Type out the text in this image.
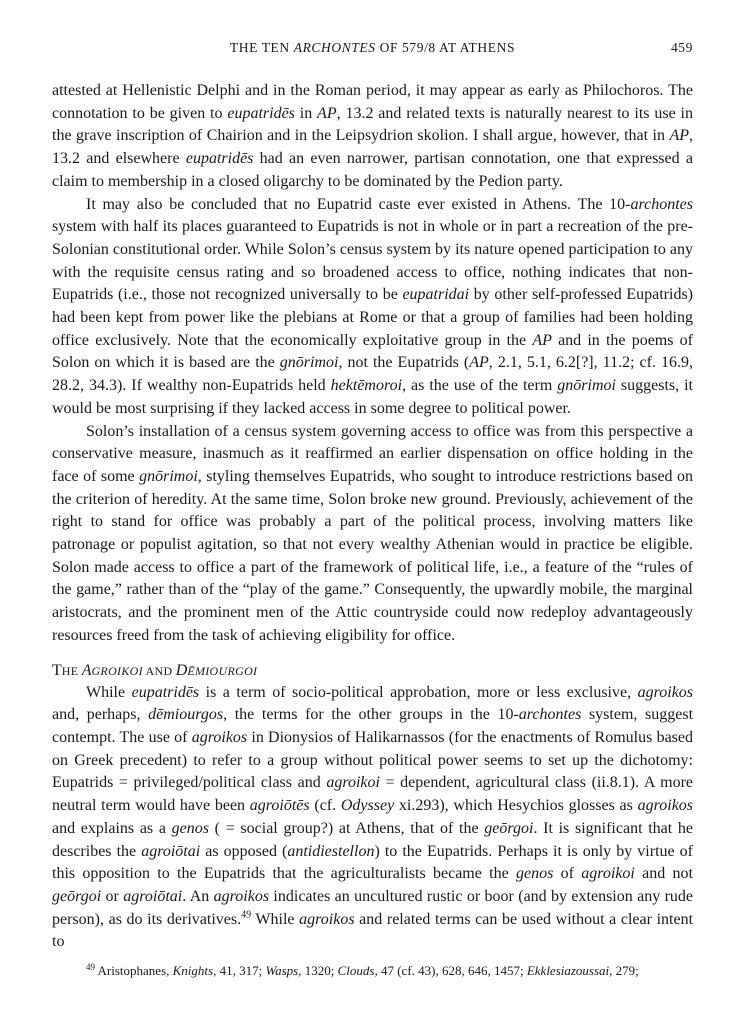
THE TEN ARCHONTES OF 579/8 AT ATHENS	459

attested at Hellenistic Delphi and in the Roman period, it may appear as early as Philochoros. The connotation to be given to eupatridēs in AP, 13.2 and related texts is naturally nearest to its use in the grave inscription of Chairion and in the Leipsydrion skolion. I shall argue, however, that in AP, 13.2 and elsewhere eupatridēs had an even narrower, partisan connotation, one that expressed a claim to membership in a closed oligarchy to be dominated by the Pedion party.

It may also be concluded that no Eupatrid caste ever existed in Athens. The 10-archontes system with half its places guaranteed to Eupatrids is not in whole or in part a recreation of the pre-Solonian constitutional order. While Solon’s census system by its nature opened participation to any with the requisite census rating and so broadened access to office, nothing indicates that non-Eupatrids (i.e., those not recognized universally to be eupatridai by other self-professed Eupatrids) had been kept from power like the plebians at Rome or that a group of families had been holding office exclusively. Note that the economically exploitative group in the AP and in the poems of Solon on which it is based are the gnōrimoi, not the Eupatrids (AP, 2.1, 5.1, 6.2[?], 11.2; cf. 16.9, 28.2, 34.3). If wealthy non-Eupatrids held hektēmoroi, as the use of the term gnōrimoi suggests, it would be most surprising if they lacked access in some degree to political power.

Solon’s installation of a census system governing access to office was from this perspective a conservative measure, inasmuch as it reaffirmed an earlier dispensation on office holding in the face of some gnōrimoi, styling themselves Eupatrids, who sought to introduce restrictions based on the criterion of heredity. At the same time, Solon broke new ground. Previously, achievement of the right to stand for office was probably a part of the political process, involving matters like patronage or populist agitation, so that not every wealthy Athenian would in practice be eligible. Solon made access to office a part of the framework of political life, i.e., a feature of the “rules of the game,” rather than of the “play of the game.” Consequently, the upwardly mobile, the marginal aristocrats, and the prominent men of the Attic countryside could now redeploy advantageously resources freed from the task of achieving eligibility for office.

THE AGROIKOI AND DĒMIOURGOI

While eupatridēs is a term of socio-political approbation, more or less exclusive, agroikos and, perhaps, dēmiourgos, the terms for the other groups in the 10-archontes system, suggest contempt. The use of agroikos in Dionysios of Halikarnassos (for the enactments of Romulus based on Greek precedent) to refer to a group without political power seems to set up the dichotomy: Eupatrids = privileged/political class and agroikoi = dependent, agricultural class (ii.8.1). A more neutral term would have been agroiōtēs (cf. Odyssey xi.293), which Hesychios glosses as agroikos and explains as a genos ( = social group?) at Athens, that of the geōrgoi. It is significant that he describes the agroiōtai as opposed (antidiestellon) to the Eupatrids. Perhaps it is only by virtue of this opposition to the Eupatrids that the agriculturalists became the genos of agroikoi and not geōrgoi or agroiōtai. An agroikos indicates an uncultured rustic or boor (and by extension any rude person), as do its derivatives.$^{49}$ While agroikos and related terms can be used without a clear intent to

$^{49}$ Aristophanes, Knights, 41, 317; Wasps, 1320; Clouds, 47 (cf. 43), 628, 646, 1457; Ekklesiazoussai, 279;
